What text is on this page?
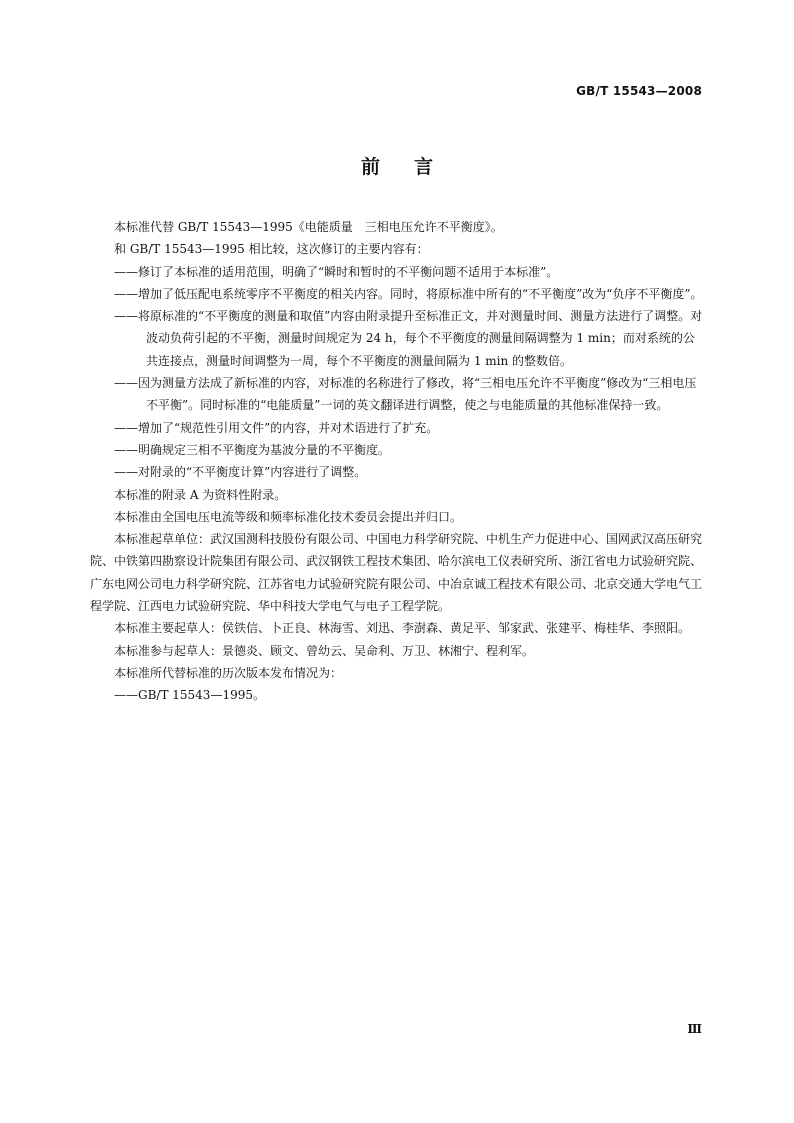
GB/T 15543—2008
前言
本标准代替 GB/T 15543—1995《电能质量　三相电压允许不平衡度》。
和 GB/T 15543—1995 相比较，这次修订的主要内容有：
——修订了本标准的适用范围，明确了“瞬时和暂时的不平衡问题不适用于本标准”。
——增加了低压配电系统零序不平衡度的相关内容。同时，将原标准中所有的“不平衡度”改为“负序不平衡度”。
——将原标准的“不平衡度的测量和取值”内容由附录提升至标准正文，并对测量时间、测量方法进行了调整。对波动负荷引起的不平衡，测量时间规定为 24 h，每个不平衡度的测量间隔调整为 1 min；而对系统的公共连接点，测量时间调整为一周，每个不平衡度的测量间隔为 1 min 的整数倍。
——因为测量方法成了新标准的内容，对标准的名称进行了修改，将“三相电压允许不平衡度”修改为“三相电压不平衡”。同时标准的“电能质量”一词的英文翻译进行调整，使之与电能质量的其他标准保持一致。
——增加了“规范性引用文件”的内容，并对术语进行了扩充。
——明确规定三相不平衡度为基波分量的不平衡度。
——对附录的“不平衡度计算”内容进行了调整。
本标准的附录 A 为资料性附录。
本标准由全国电压电流等级和频率标准化技术委员会提出并归口。
本标准起草单位：武汉国测科技股份有限公司、中国电力科学研究院、中机生产力促进中心、国网武汉高压研究院、中铁第四勘察设计院集团有限公司、武汉钢铁工程技术集团、哈尔滨电工仪表研究所、浙江省电力试验研究院、广东电网公司电力科学研究院、江苏省电力试验研究院有限公司、中冶京诚工程技术有限公司、北京交通大学电气工程学院、江西电力试验研究院、华中科技大学电气与电子工程学院。
本标准主要起草人：侯铁信、卜正良、林海雪、刘迅、李澍森、黄足平、邹家武、张建平、梅桂华、李照阳。
本标准参与起草人：景德炎、顾文、曾幼云、吴命利、万卫、林湘宁、程利军。
本标准所代替标准的历次版本发布情况为：
——GB/T 15543—1995。
Ⅲ
